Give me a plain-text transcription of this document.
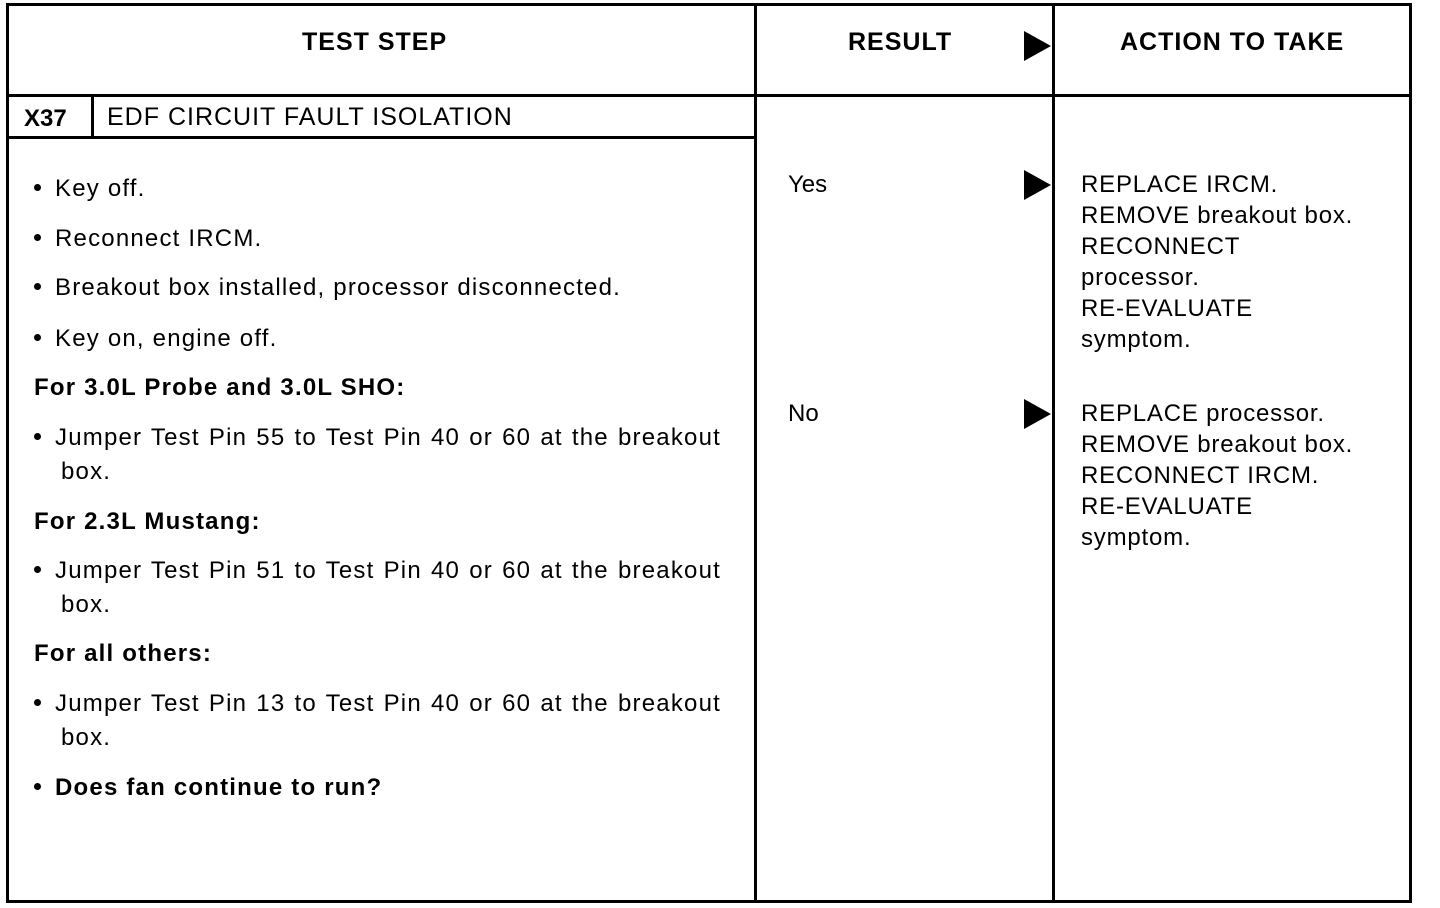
TEST STEP	RESULT	ACTION TO TAKE
X37 EDF CIRCUIT FAULT ISOLATION
Key off.
Reconnect IRCM.
Breakout box installed, processor disconnected.
Key on, engine off.
For 3.0L Probe and 3.0L SHO:
Jumper Test Pin 55 to Test Pin 40 or 60 at the breakout box.
For 2.3L Mustang:
Jumper Test Pin 51 to Test Pin 40 or 60 at the breakout box.
For all others:
Jumper Test Pin 13 to Test Pin 40 or 60 at the breakout box.
Does fan continue to run?
Yes	REPLACE IRCM.
REMOVE breakout box.
RECONNECT
processor.
RE-EVALUATE
symptom.
No	REPLACE processor.
REMOVE breakout box.
RECONNECT IRCM.
RE-EVALUATE
symptom.
